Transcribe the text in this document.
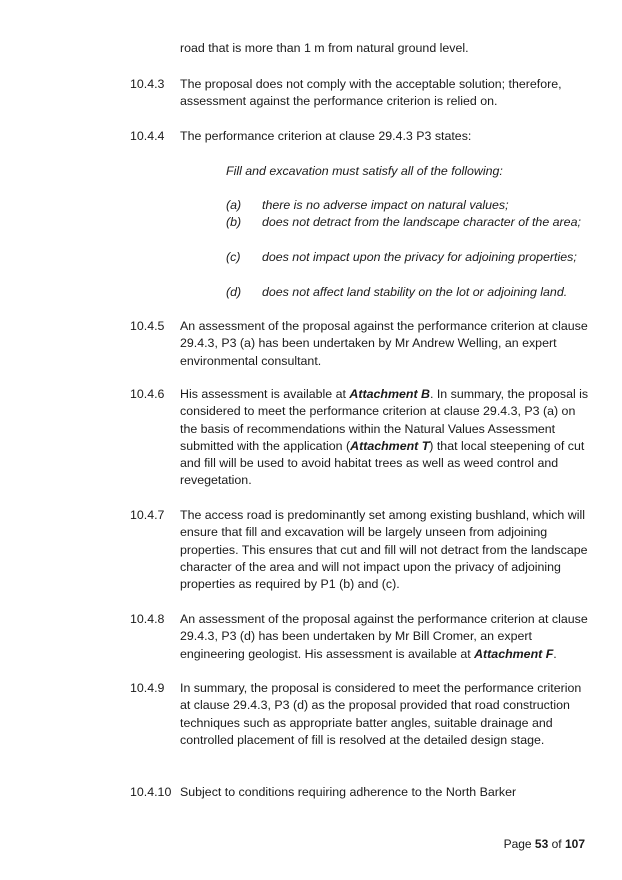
road that is more than 1 m from natural ground level.
10.4.3 The proposal does not comply with the acceptable solution; therefore, assessment against the performance criterion is relied on.
10.4.4 The performance criterion at clause 29.4.3 P3 states:
Fill and excavation must satisfy all of the following:
(a) there is no adverse impact on natural values;
(b) does not detract from the landscape character of the area;
(c) does not impact upon the privacy for adjoining properties;
(d) does not affect land stability on the lot or adjoining land.
10.4.5 An assessment of the proposal against the performance criterion at clause 29.4.3, P3 (a) has been undertaken by Mr Andrew Welling, an expert environmental consultant.
10.4.6 His assessment is available at Attachment B. In summary, the proposal is considered to meet the performance criterion at clause 29.4.3, P3 (a) on the basis of recommendations within the Natural Values Assessment submitted with the application (Attachment T) that local steepening of cut and fill will be used to avoid habitat trees as well as weed control and revegetation.
10.4.7 The access road is predominantly set among existing bushland, which will ensure that fill and excavation will be largely unseen from adjoining properties. This ensures that cut and fill will not detract from the landscape character of the area and will not impact upon the privacy of adjoining properties as required by P1 (b) and (c).
10.4.8 An assessment of the proposal against the performance criterion at clause 29.4.3, P3 (d) has been undertaken by Mr Bill Cromer, an expert engineering geologist. His assessment is available at Attachment F.
10.4.9 In summary, the proposal is considered to meet the performance criterion at clause 29.4.3, P3 (d) as the proposal provided that road construction techniques such as appropriate batter angles, suitable drainage and controlled placement of fill is resolved at the detailed design stage.
10.4.10 Subject to conditions requiring adherence to the North Barker
Page 53 of 107
